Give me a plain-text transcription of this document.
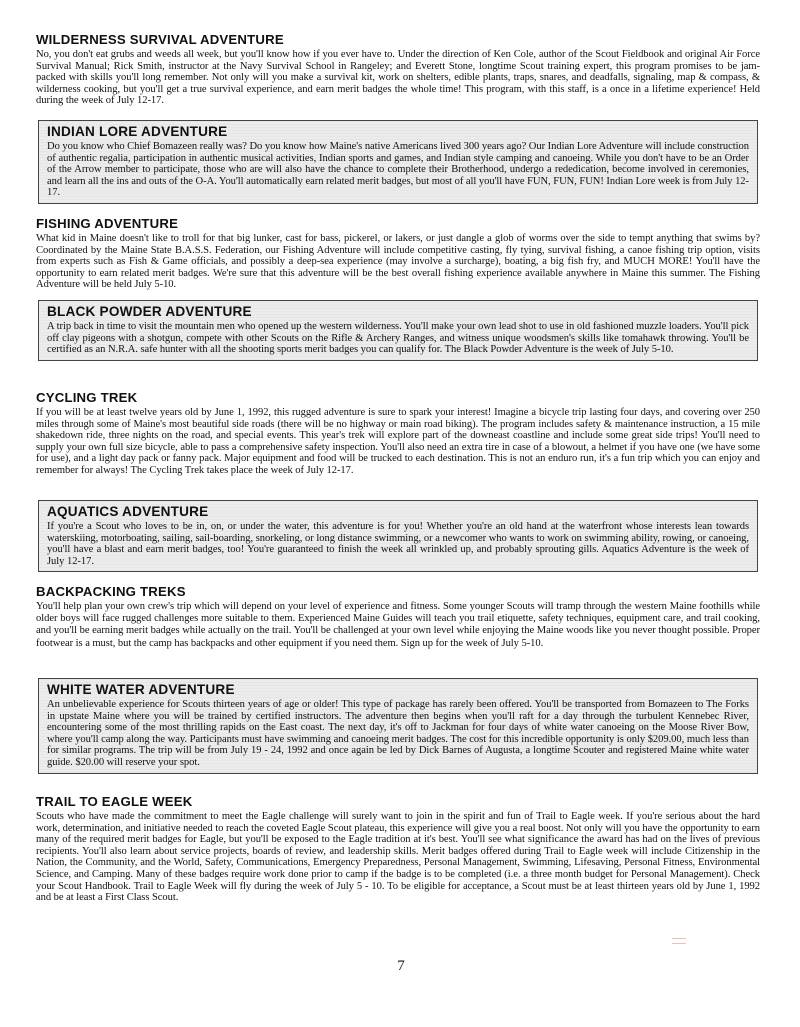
WILDERNESS SURVIVAL ADVENTURE

No, you don't eat grubs and weeds all week, but you'll know how if you ever have to. Under the direction of Ken Cole, author of the Scout Fieldbook and original Air Force Survival Manual; Rick Smith, instructor at the Navy Survival School in Rangeley; and Everett Stone, longtime Scout training expert, this program promises to be jam-packed with skills you'll long remember. Not only will you make a survival kit, work on shelters, edible plants, traps, snares, and deadfalls, signaling, map & compass, & wilderness cooking, but you'll get a true survival experience, and earn merit badges the whole time! This program, with this staff, is a once in a lifetime experience! Held during the week of July 12-17.

INDIAN LORE ADVENTURE

Do you know who Chief Bomazeen really was? Do you know how Maine's native Americans lived 300 years ago? Our Indian Lore Adventure will include construction of authentic regalia, participation in authentic musical activities, Indian sports and games, and Indian style camping and canoeing. While you don't have to be an Order of the Arrow member to participate, those who are will also have the chance to complete their Brotherhood, undergo a rededication, become involved in ceremonies, and learn all the ins and outs of the O-A. You'll automatically earn related merit badges, but most of all you'll have FUN, FUN, FUN! Indian Lore week is from July 12-17.

FISHING ADVENTURE

What kid in Maine doesn't like to troll for that big lunker, cast for bass, pickerel, or lakers, or just dangle a glob of worms over the side to tempt anything that swims by? Coordinated by the Maine State B.A.S.S. Federation, our Fishing Adventure will include competitive casting, fly tying, survival fishing, a canoe fishing trip option, visits from experts such as Fish & Game officials, and possibly a deep-sea experience (may involve a surcharge), boating, a big fish fry, and MUCH MORE! You'll have the opportunity to earn related merit badges. We're sure that this adventure will be the best overall fishing experience available anywhere in Maine this summer. The Fishing Adventure will be held July 5-10.

BLACK POWDER ADVENTURE

A trip back in time to visit the mountain men who opened up the western wilderness. You'll make your own lead shot to use in old fashioned muzzle loaders. You'll pick off clay pigeons with a shotgun, compete with other Scouts on the Rifle & Archery Ranges, and witness unique woodsmen's skills like tomahawk throwing. You'll be certified as an N.R.A. safe hunter with all the shooting sports merit badges you can qualify for. The Black Powder Adventure is the week of July 5-10.

CYCLING TREK

If you will be at least twelve years old by June 1, 1992, this rugged adventure is sure to spark your interest! Imagine a bicycle trip lasting four days, and covering over 250 miles through some of Maine's most beautiful side roads (there will be no highway or main road biking). The program includes safety & maintenance instruction, a 15 mile shakedown ride, three nights on the road, and special events. This year's trek will explore part of the downeast coastline and include some great side trips! You'll need to supply your own full size bicycle, able to pass a comprehensive safety inspection. You'll also need an extra tire in case of a blowout, a helmet if you have one (we have some for use), and a light day pack or fanny pack. Major equipment and food will be trucked to each destination. This is not an enduro run, it's a fun trip which you can enjoy and remember for always! The Cycling Trek takes place the week of July 12-17.

AQUATICS ADVENTURE

If you're a Scout who loves to be in, on, or under the water, this adventure is for you! Whether you're an old hand at the waterfront whose interests lean towards waterskiing, motorboating, sailing, sail-boarding, snorkeling, or long distance swimming, or a newcomer who wants to work on swimming ability, rowing, or canoeing, you'll have a blast and earn merit badges, too! You're guaranteed to finish the week all wrinkled up, and probably sprouting gills. Aquatics Adventure is the week of July 12-17.

BACKPACKING TREKS

You'll help plan your own crew's trip which will depend on your level of experience and fitness. Some younger Scouts will tramp through the western Maine foothills while older boys will face rugged challenges more suitable to them. Experienced Maine Guides will teach you trail etiquette, safety techniques, equipment care, and trail cooking, and you'll be earning merit badges while actually on the trail. You'll be challenged at your own level while enjoying the Maine woods like you never thought possible. Proper footwear is a must, but the camp has backpacks and other equipment if you need them. Sign up for the week of July 5-10.

WHITE WATER ADVENTURE

An unbelievable experience for Scouts thirteen years of age or older! This type of package has rarely been offered. You'll be transported from Bomazeen to The Forks in upstate Maine where you will be trained by certified instructors. The adventure then begins when you'll raft for a day through the turbulent Kennebec River, encountering some of the most thrilling rapids on the East coast. The next day, it's off to Jackman for four days of white water canoeing on the Moose River Bow, where you'll camp along the way. Participants must have swimming and canoeing merit badges. The cost for this incredible opportunity is only $209.00, much less than for similar programs. The trip will be from July 19 - 24, 1992 and once again be led by Dick Barnes of Augusta, a longtime Scouter and registered Maine white water guide. $20.00 will reserve your spot.

TRAIL TO EAGLE WEEK

Scouts who have made the commitment to meet the Eagle challenge will surely want to join in the spirit and fun of Trail to Eagle week. If you're serious about the hard work, determination, and initiative needed to reach the coveted Eagle Scout plateau, this experience will give you a real boost. Not only will you have the opportunity to earn many of the required merit badges for Eagle, but you'll be exposed to the Eagle tradition at it's best. You'll see what significance the award has had on the lives of previous recipients. You'll also learn about service projects, boards of review, and leadership skills. Merit badges offered during Trail to Eagle week will include Citizenship in the Nation, the Community, and the World, Safety, Communications, Emergency Preparedness, Personal Management, Swimming, Lifesaving, Personal Fitness, Environmental Science, and Camping. Many of these badges require work done prior to camp if the badge is to be completed (i.e. a three month budget for Personal Management). Check your Scout Handbook. Trail to Eagle Week will fly during the week of July 5 - 10. To be eligible for acceptance, a Scout must be at least thirteen years old by June 1, 1992 and be at least a First Class Scout.

7
